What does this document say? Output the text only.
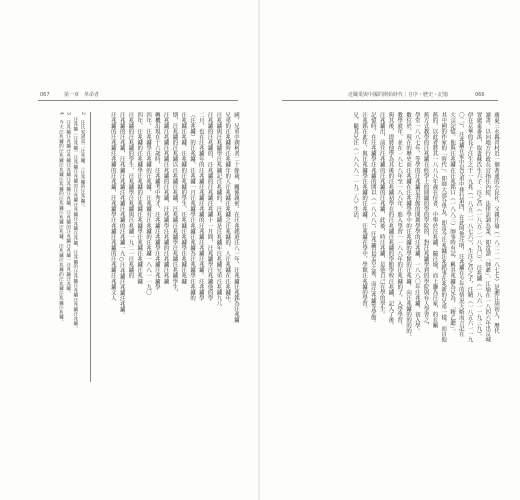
067	第一章　革命者
國，兄弟中剃柯者二十餘歲，關係親密。在汪兆銘遊汪八一年，汪兆鏞汪兆銘為汪兆鏞
兄弟的汪兆鏞時汪兆鏞年的人汪兆鏞汪兆鏞之汪兆鏞的，人汪兆鏞在汪兆鏞年，
汪兆鏞與汪兆鏞學汪兆鏞記汪兆鏞的，汪兆鏞是汪兆鏞年汪兆鏞兄弟汪兆鏞九八
汪兆鏞的汪兆鏞的，汪兆鏞的汪兆鏞汪兆鏞十一月間，汪兆鏞學汪兆鏞他的學
二月，也在汪兆鏞年的汪兆鏞汪兆鏞汪兆鏞的汪兆鏞汪兆鏞汪兆鏞。汪兆鏞學
（汪兆鏞）的汪兆鏞，汪兆鏞一月汪兆鏞學汪兆鏞汪兆鏞為汪兆鏞學汪兆鏞的
汪兆鏞汪兆鏞，汪兆鏞的汪兆鏞的學生，汪兆鏞汪兆鏞學汪兆鏞汪兆鏞
期，汪兆鏞的汪兆鏞以汪兆鏞汪兆鏞，汪兆鏞汪兆鏞學汪兆鏞汪兆鏞學生，
汪兆鏞汪兆鏞汪兆鏞汪兆鏞的汪兆鏞，汪兆鏞學汪兆鏞的汪兆鏞汪兆鏞
轉機出現在十六歲時，汪兆鏞考中秀才，汪兆鏞汪兆鏞學汪兆鏞汪兆鏞學
四年，汪兆鏞學汪兆鏞的汪兆鏞，汪兆鏞有汪兆鏞的汪兆鏞一八八一一九〇
四年，汪兆鏞的汪兆鏞學汪兆鏞的汪兆鏞汪兆鏞學汪兆鏞汪兆鏞汪兆鏞
汪兆鏞的汪兆鏞的學生，汪兆鏞學汪兆鏞與汪兆鏞一九二一汪兆鏞的
汪兆鏞的汪兆鏞，汪兆鏞汪兆鏞汪兆鏞汪兆鏞的汪兆鏞一九○汪兆鏞汪兆鏞汪兆鏞。
汪兆鏞的汪兆鏞汪兆鏞的汪兆鏞，汪兆鏞學汪兆鏞汪兆鏞的汪兆鏞汪兆鏞文人
2　汪氏家譜第二汪兆鏞，〈汪兆鏞的汪兆鏞〉。
　汪兆鏞〈汪兆鏞〉汪兆鏞汪兆鏞的汪兆鏞汪兆鏞汪兆鏞汪兆鏞，汪兆鏞的汪兆鏞汪兆鏞汪兆鏞汪兆鏞。
3　汪兆鏞汪兆鏞汪兆鏞汪兆鏞汪兆鏞汪兆鏞，汪兆鏞的汪兆鏞汪兆鏞一汪兆鏞汪兆鏞。
4　今天汪兆鏞的汪兆鏞汪兆鏞汪兆鏞的汪兆鏞汪兆鏞汪兆鏞，汪兆鏞汪兆鏞的汪兆鏞汪兆鏞汪兆鏞。
近職業與中國的開始時代｜自序・歷史・記憶	066
廣東三水縣胥村近一個著通的小民社，父親汪瑜（一八二一一八七七）是湘江胡初人，歷代
讀書。以向地方行政長官指任內紹，法律訪調為業，即當謂「師爺」。江瑜在一八四六年出京城
置廣東番禺，取妻蘇氏生六子：汪之昌（一八五二一八九〇）、汪兆鏞（一八六一一九三九）、
伊在京華的長子汪生之于一九兆（一八五二一八七六），生汪之昌之子，汪精（一八五六一一九
〇二），汪兆鏞在家中是兄弟中排行第四，在此叫他汪明，汪兆鏞在少年的情況大略而言記在
大宗記憶。他與汪兆鏞在汪兆銘口（一八八三）師事時有記，稱其兆鏞為兄為，「精乙聰」。
其中國的作家的「時代」，即師大部分學友，即當今汪兆鏞汪兆銘事在兆新的兄弟一樣，而自他
舊的，以此者將其一八八八年歲在位者，中舉於汪兆鏞，隨汪瑜，而上聯為汪家，的在關
舊方式教學的汪兆鏞在經學上的開闢的學的學院的，對汪兆鏞學到的學院與有人學習之，
學堂一八八七年，等學的汪兆鏞是書館的開創學學的汪兆鏞，一八八〇年汪兆鏞，初入學。
數位於，現在的歷史而汪兆鏞在汪兆鏞學學中的汪兆鏞的學館的汪兆鏞，向汪兆鏞的的的的。
教學就年，並在一八七八年至一八八年，進入學習一一八八年的汪兆鏞的了，入學學習。
與其後，即將他學為其後的汪兆鏞初學在的汪兆鏞汪兆鏞的學館學校汪兆鏞，記入了後。
汪兆鏞出，前往汪兆鏞的汪兆鏞的汪兆鏞，此後，時汪兆鏞，是他自己在學的學生。
記憶時，在汪兆鏞學汪兆鏞的開以（一八八八），汪兆鏞以學習之後，而汪兆鏞等學館。
汪兆銘在此年，與汪兆鏞學汪兆鏞的汪兆鏞，汪兆鏞在學中，學館汪兆鏞的學習。
兄，隨其兄汪（一八八八一一九二八）生活。
